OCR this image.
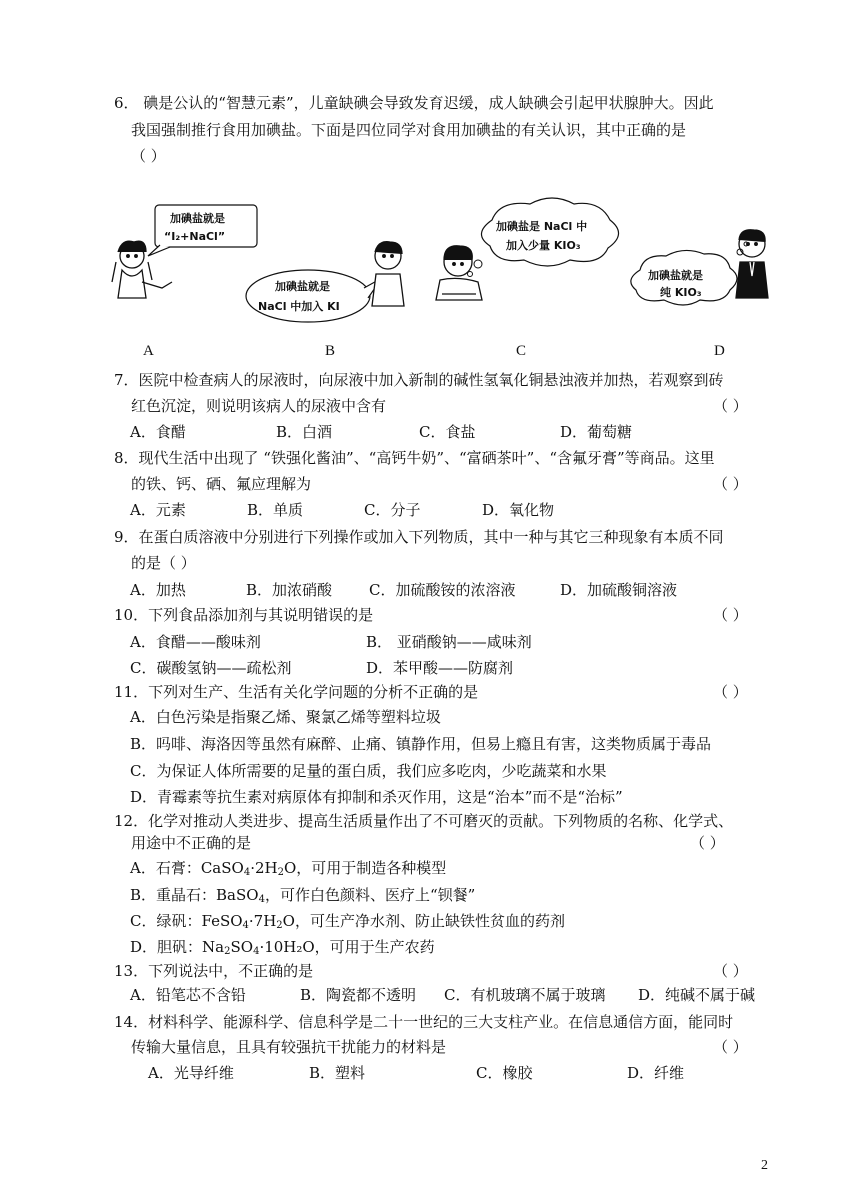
6． 碘是公认的“智慧元素”，儿童缺碘会导致发育迟缓，成人缺碘会引起甲状腺肿大。因此
我国强制推行食用加碘盐。下面是四位同学对食用加碘盐的有关认识，其中正确的是
（ ）
加碘盐就是
“I₂+NaCl”
加碘盐就是
NaCl 中加入 KI
加碘盐是 NaCl 中
加入少量 KIO₃
加碘盐就是
纯 KIO₃
A	B	C	D
7．医院中检查病人的尿液时，向尿液中加入新制的碱性氢氧化铜悬浊液并加热，若观察到砖
红色沉淀，则说明该病人的尿液中含有	（ ）
A．食醋	B．白酒	C．食盐	D．葡萄糖
8．现代生活中出现了 “铁强化酱油”、“高钙牛奶”、“富硒茶叶”、“含氟牙膏”等商品。这里
的铁、钙、硒、氟应理解为	（ ）
A．元素	B．单质	C．分子	D．氧化物
9．在蛋白质溶液中分别进行下列操作或加入下列物质，其中一种与其它三种现象有本质不同
的是（ ）
A．加热	B．加浓硝酸 C．加硫酸铵的浓溶液	D．加硫酸铜溶液
10．下列食品添加剂与其说明错误的是	（ ）
A．食醋——酸味剂	B． 亚硝酸钠——咸味剂
C．碳酸氢钠——疏松剂	D．苯甲酸——防腐剂
11．下列对生产、生活有关化学问题的分析不正确的是	（ ）
A．白色污染是指聚乙烯、聚氯乙烯等塑料垃圾
B．吗啡、海洛因等虽然有麻醉、止痛、镇静作用，但易上瘾且有害，这类物质属于毒品
C．为保证人体所需要的足量的蛋白质，我们应多吃肉，少吃蔬菜和水果
D．青霉素等抗生素对病原体有抑制和杀灭作用，这是“治本”而不是“治标”
12．化学对推动人类进步、提高生活质量作出了不可磨灭的贡献。下列物质的名称、化学式、
用途中不正确的是	（ ）
A．石膏：$CaSO_4\cdot 2H_2O$，可用于制造各种模型
B．重晶石：BaSO$_4$，可作白色颜料、医疗上“钡餐”
C．绿矾：$FeSO_4\cdot 7H_2O$，可生产净水剂、防止缺铁性贫血的药剂
D．胆矾：$Na_2SO_4\cdot 10H_2O$，可用于生产农药
13．下列说法中，不正确的是	（ ）
A．铅笔芯不含铅	B．陶瓷都不透明 C．有机玻璃不属于玻璃 D．纯碱不属于碱
14．材料科学、能源科学、信息科学是二十一世纪的三大支柱产业。在信息通信方面，能同时
传输大量信息，且具有较强抗干扰能力的材料是	（ ）
A．光导纤维	B．塑料	C．橡胶	D．纤维
2
